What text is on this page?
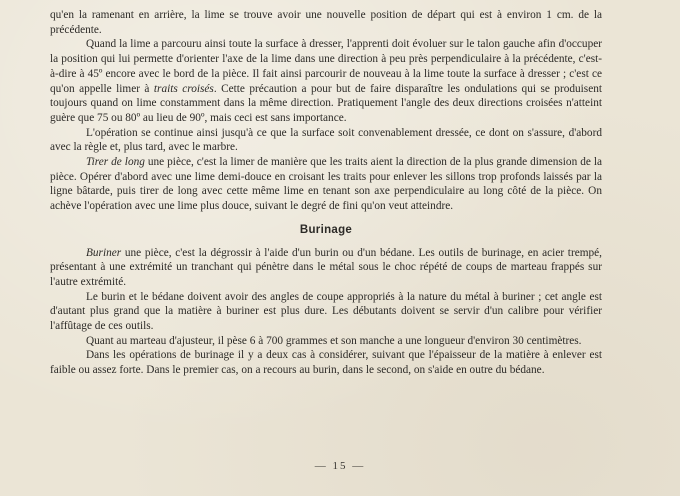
qu'en la ramenant en arrière, la lime se trouve avoir une nouvelle position de départ qui est à environ 1 cm. de la précédente.

Quand la lime a parcouru ainsi toute la surface à dresser, l'apprenti doit évoluer sur le talon gauche afin d'occuper la position qui lui permette d'orienter l'axe de la lime dans une direction à peu près perpendiculaire à la précédente, c'est-à-dire à 45º encore avec le bord de la pièce. Il fait ainsi parcourir de nouveau à la lime toute la surface à dresser ; c'est ce qu'on appelle limer à traits croisés. Cette précaution a pour but de faire disparaître les ondulations qui se produisent toujours quand on lime constamment dans la même direction. Pratiquement l'angle des deux directions croisées n'atteint guère que 75 ou 80º au lieu de 90º, mais ceci est sans importance.

L'opération se continue ainsi jusqu'à ce que la surface soit convenablement dressée, ce dont on s'assure, d'abord avec la règle et, plus tard, avec le marbre.

Tirer de long une pièce, c'est la limer de manière que les traits aient la direction de la plus grande dimension de la pièce. Opérer d'abord avec une lime demi-douce en croisant les traits pour enlever les sillons trop profonds laissés par la ligne bâtarde, puis tirer de long avec cette même lime en tenant son axe perpendiculaire au long côté de la pièce. On achève l'opération avec une lime plus douce, suivant le degré de fini qu'on veut atteindre.

Burinage

Buriner une pièce, c'est la dégrossir à l'aide d'un burin ou d'un bédane. Les outils de burinage, en acier trempé, présentant à une extrémité un tranchant qui pénètre dans le métal sous le choc répété de coups de marteau frappés sur l'autre extrémité.

Le burin et le bédane doivent avoir des angles de coupe appropriés à la nature du métal à buriner ; cet angle est d'autant plus grand que la matière à buriner est plus dure. Les débutants doivent se servir d'un calibre pour vérifier l'affûtage de ces outils.

Quant au marteau d'ajusteur, il pèse 6 à 700 grammes et son manche a une longueur d'environ 30 centimètres.

Dans les opérations de burinage il y a deux cas à considérer, suivant que l'épaisseur de la matière à enlever est faible ou assez forte. Dans le premier cas, on a recours au burin, dans le second, on s'aide en outre du bédane.

— 15 —
